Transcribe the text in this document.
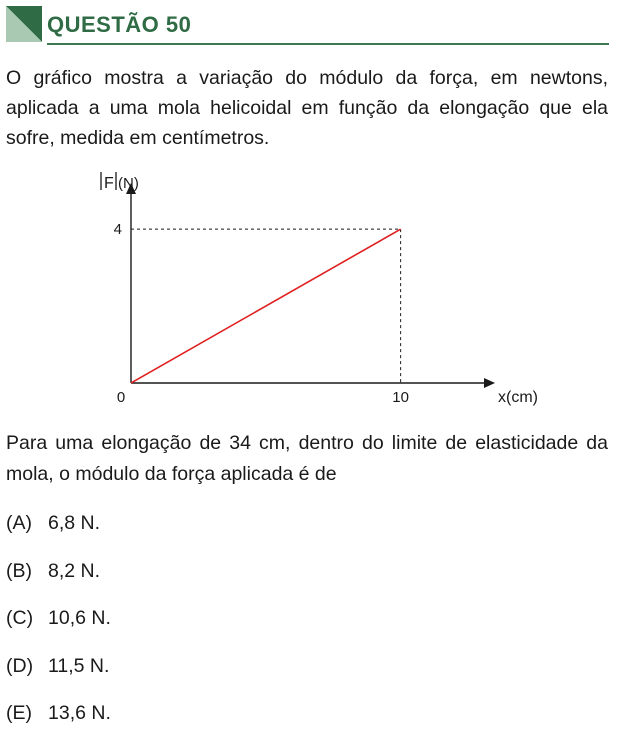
QUESTÃO 50
O gráfico mostra a variação do módulo da força, em newtons, aplicada a uma mola helicoidal em função da elongação que ela sofre, medida em centímetros.
0	10
4
x(cm)
F (N)
Para uma elongação de 34 cm, dentro do limite de elasticidade da mola, o módulo da força aplicada é de
(A) 6,8 N.
(B) 8,2 N.
(C) 10,6 N.
(D) 11,5 N.
(E) 13,6 N.
